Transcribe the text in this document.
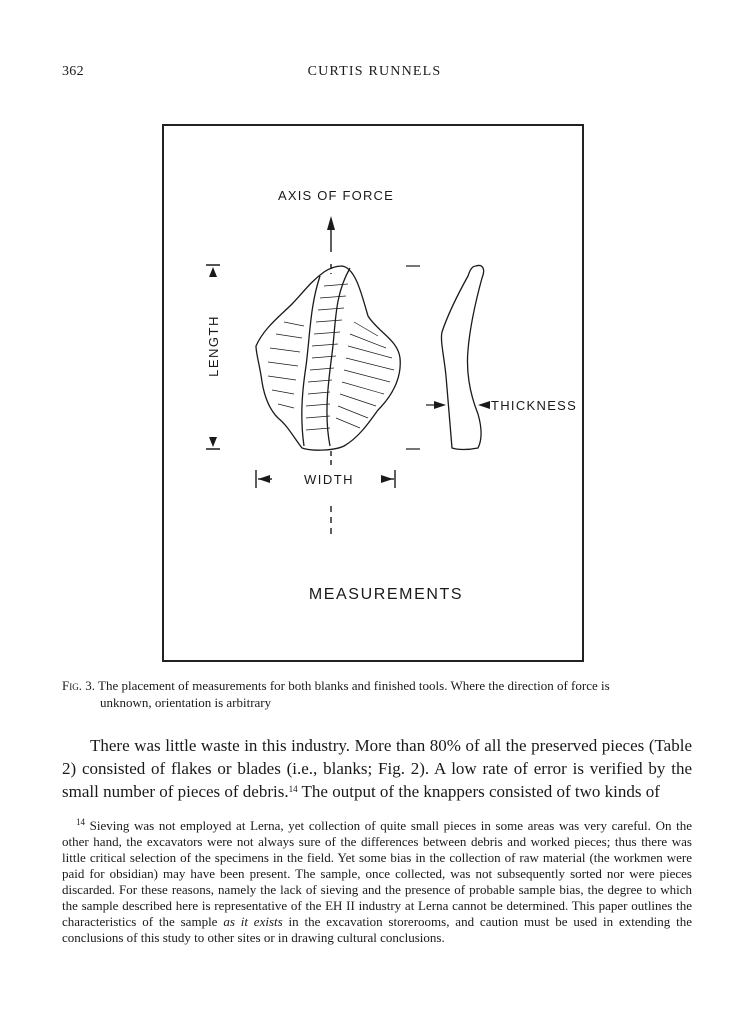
362	CURTIS RUNNELS
AXIS OF FORCE
LENGTH
THICKNESS
WIDTH
MEASUREMENTS
Fig. 3. The placement of measurements for both blanks and finished tools. Where the direction of force is
unknown, orientation is arbitrary
There was little waste in this industry. More than 80% of all the preserved pieces (Table 2) consisted of flakes or blades (i.e., blanks; Fig. 2). A low rate of error is verified by the small number of pieces of debris.$^{14}$ The output of the knappers consisted of two kinds of
$^{14}$ Sieving was not employed at Lerna, yet collection of quite small pieces in some areas was very careful. On the other hand, the excavators were not always sure of the differences between debris and worked pieces; thus there was little critical selection of the specimens in the field. Yet some bias in the collection of raw material (the workmen were paid for obsidian) may have been present. The sample, once collected, was not subsequently sorted nor were pieces discarded. For these reasons, namely the lack of sieving and the presence of probable sample bias, the degree to which the sample described here is representative of the EH II industry at Lerna cannot be determined. This paper outlines the characteristics of the sample as it exists in the excavation storerooms, and caution must be used in extending the conclusions of this study to other sites or in drawing cultural conclusions.
